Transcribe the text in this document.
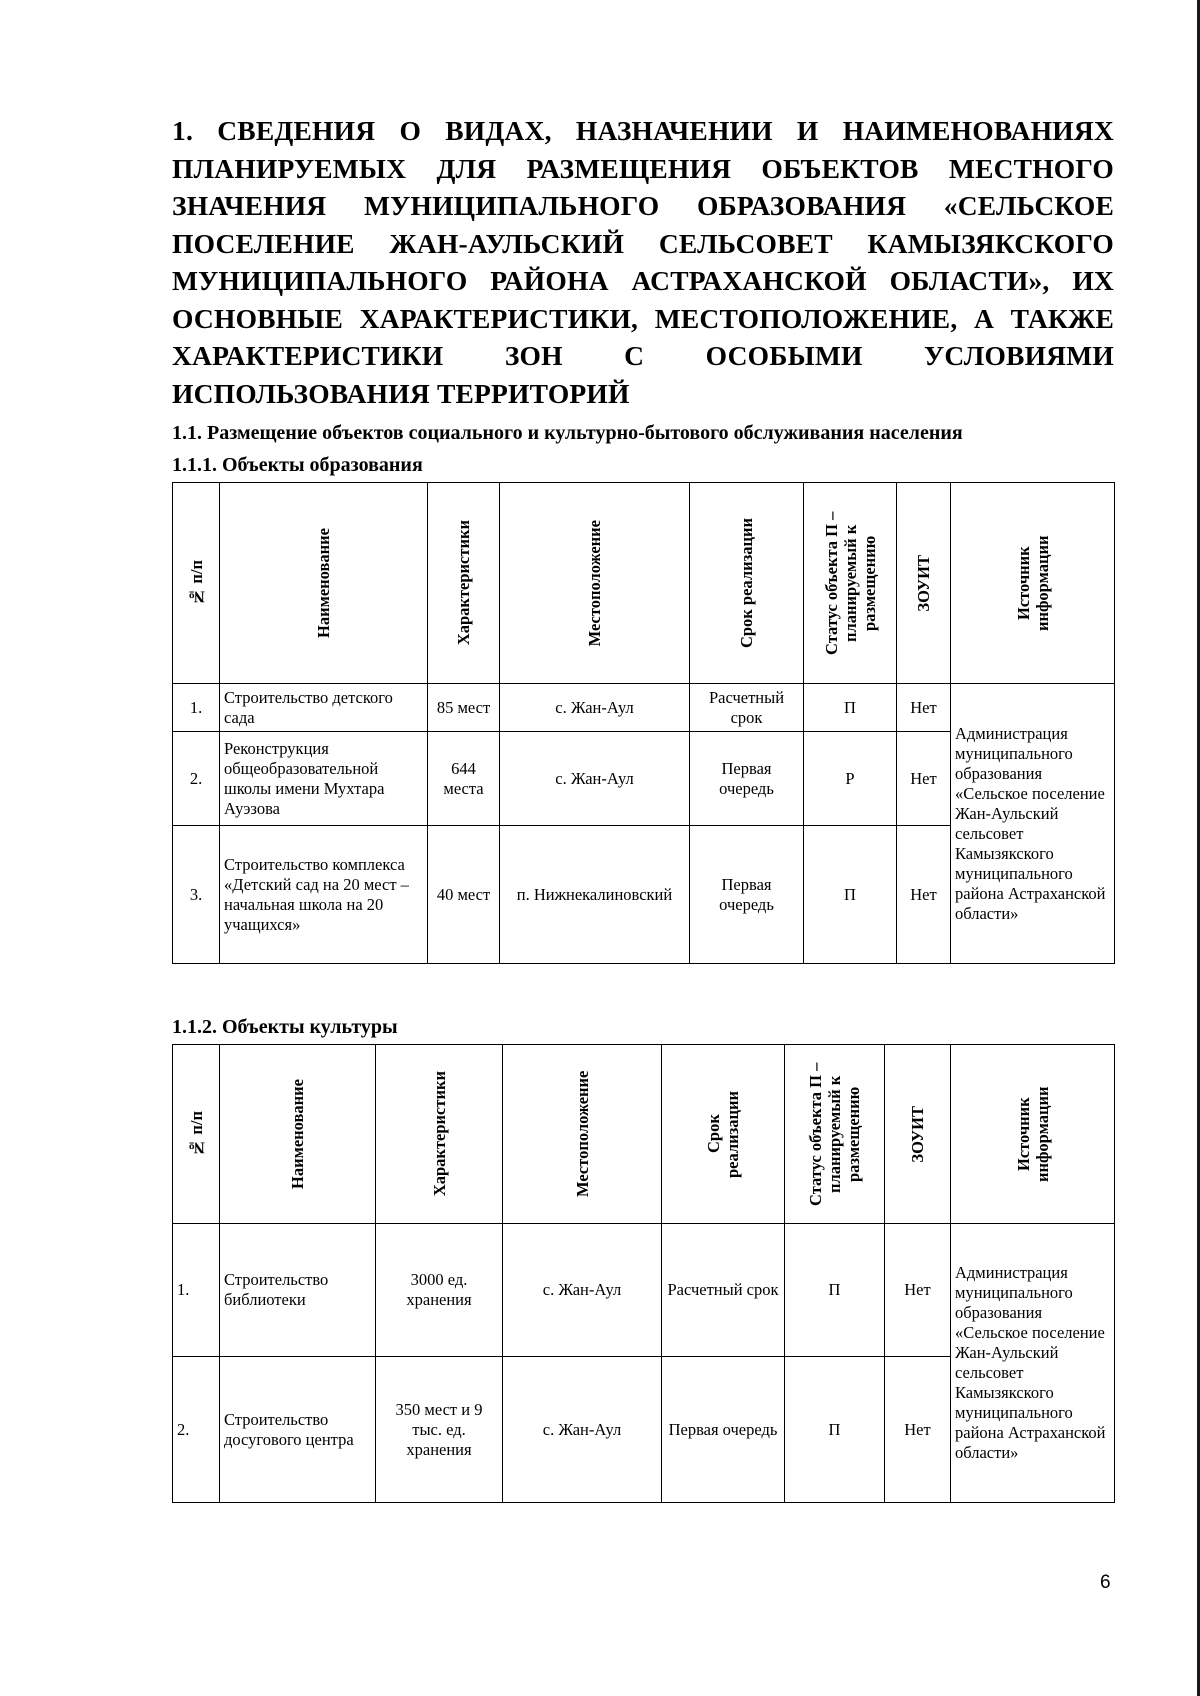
1. СВЕДЕНИЯ О ВИДАХ, НАЗНАЧЕНИИ И НАИМЕНОВАНИЯХ ПЛАНИРУЕМЫХ ДЛЯ РАЗМЕЩЕНИЯ ОБЪЕКТОВ МЕСТНОГО ЗНАЧЕНИЯ МУНИЦИПАЛЬНОГО ОБРАЗОВАНИЯ «СЕЛЬСКОЕ ПОСЕЛЕНИЕ ЖАН-АУЛЬСКИЙ СЕЛЬСОВЕТ КАМЫЗЯКСКОГО МУНИЦИПАЛЬНОГО РАЙОНА АСТРАХАНСКОЙ ОБЛАСТИ», ИХ ОСНОВНЫЕ ХАРАКТЕРИСТИКИ, МЕСТОПОЛОЖЕНИЕ, А ТАКЖЕ ХАРАКТЕРИСТИКИ ЗОН С ОСОБЫМИ УСЛОВИЯМИ ИСПОЛЬЗОВАНИЯ ТЕРРИТОРИЙ
1.1. Размещение объектов социального и культурно-бытового обслуживания населения
1.1.1. Объекты образования
№ п/п	Наименование	Характеристики	Местоположение	Срок реализации	Статус объекта П – планируемый к размещению	ЗОУИТ	Источник информации

1.	Строительство детского сада	85 мест	с. Жан-Аул	Расчетный срок	П	Нет	Администрация муниципального образования «Сельское поселение Жан-Аульский сельсовет Камызякского муниципального района Астраханской области»
2.	Реконструкция общеобразовательной школы имени Мухтара Ауэзова	644 места	с. Жан-Аул	Первая очередь	Р	Нет	
3.	Строительство комплекса «Детский сад на 20 мест – начальная школа на 20 учащихся»	40 мест	п. Нижнекалиновский	Первая очередь	П	Нет	
1.1.2. Объекты культуры
№ п/п	Наименование	Характеристики	Местоположение	Срок реализации	Статус объекта П – планируемый к размещению	ЗОУИТ	Источник информации

1.	Строительство библиотеки	3000 ед. хранения	с. Жан-Аул	Расчетный срок	П	Нет	Администрация муниципального образования «Сельское поселение Жан-Аульский сельсовет Камызякского муниципального района Астраханской области»
2.	Строительство досугового центра	350 мест и 9 тыс. ед. хранения	с. Жан-Аул	Первая очередь	П	Нет	
6
